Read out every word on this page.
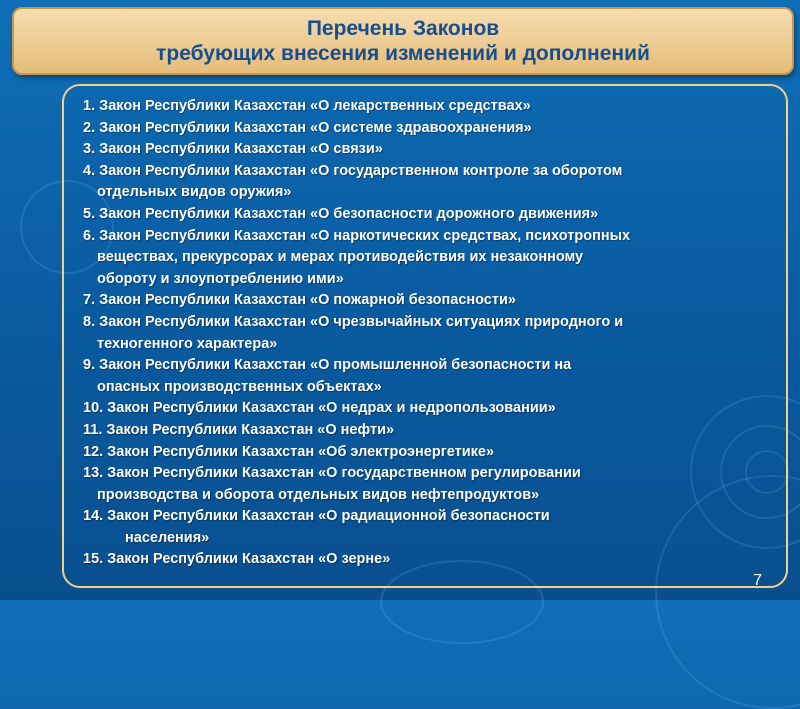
Перечень Законов
требующих внесения изменений и дополнений
1. Закон Республики Казахстан «О лекарственных средствах»
2. Закон Республики Казахстан «О системе здравоохранения»
3. Закон Республики Казахстан «О связи»
4. Закон Республики Казахстан «О государственном контроле за оборотом
отдельных видов оружия»
5. Закон Республики Казахстан «О безопасности дорожного движения»
6. Закон Республики Казахстан «О наркотических средствах, психотропных
веществах, прекурсорах и мерах противодействия их незаконному
обороту и злоупотреблению ими»
7. Закон Республики Казахстан «О пожарной безопасности»
8. Закон Республики Казахстан «О чрезвычайных ситуациях природного и
техногенного характера»
9. Закон Республики Казахстан «О промышленной безопасности на
опасных производственных объектах»
10. Закон Республики Казахстан «О недрах и недропользовании»
11. Закон Республики Казахстан «О нефти»
12. Закон Республики Казахстан «Об электроэнергетике»
13. Закон Республики Казахстан «О государственном регулировании
производства и оборота отдельных видов нефтепродуктов»
14. Закон Республики Казахстан «О радиационной безопасности
населения»
15. Закон Республики Казахстан «О зерне»
7
